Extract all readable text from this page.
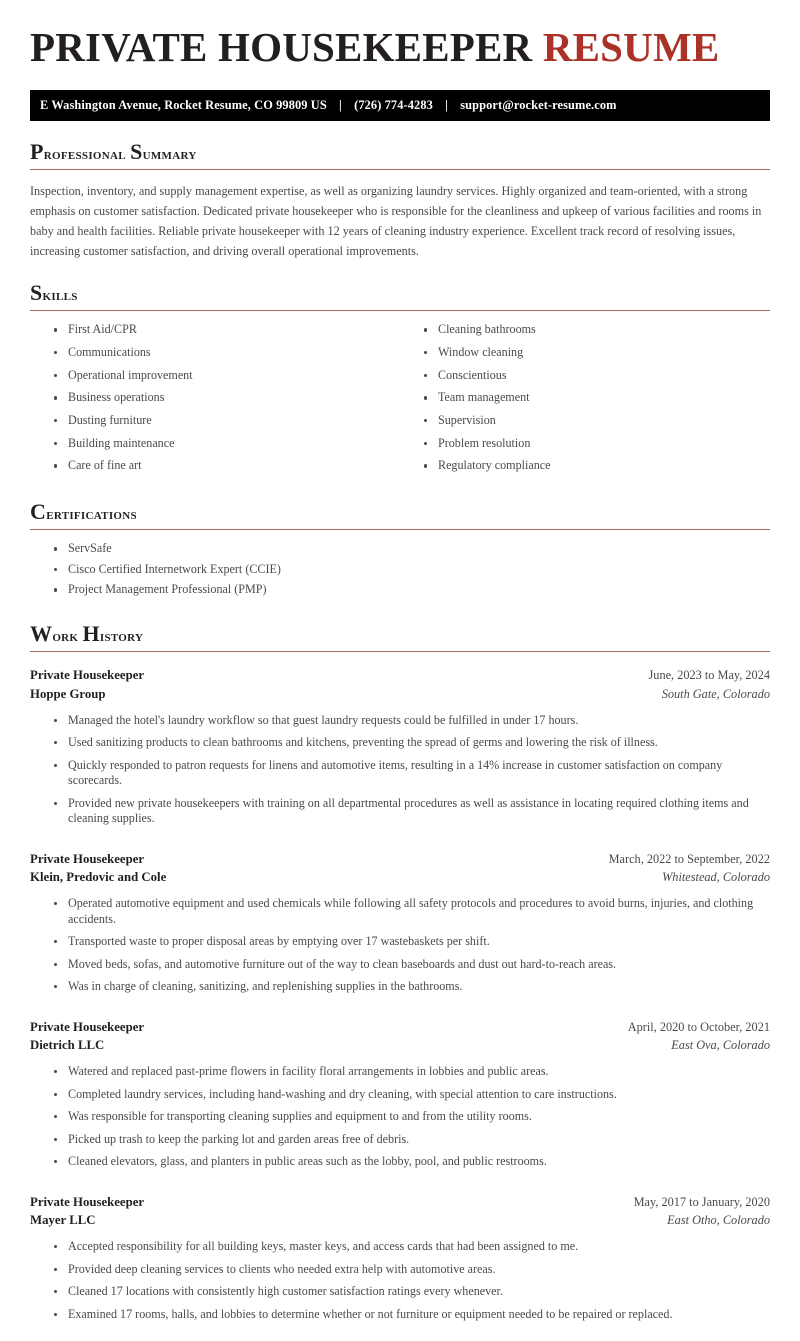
PRIVATE HOUSEKEEPER RESUME
E Washington Avenue, Rocket Resume, CO 99809 US | (726) 774-4283 | support@rocket-resume.com
Professional Summary

Inspection, inventory, and supply management expertise, as well as organizing laundry services. Highly organized and team-oriented, with a strong emphasis on customer satisfaction. Dedicated private housekeeper who is responsible for the cleanliness and upkeep of various facilities and rooms in baby and health facilities. Reliable private housekeeper with 12 years of cleaning industry experience. Excellent track record of resolving issues, increasing customer satisfaction, and driving overall operational improvements.

Skills
First Aid/CPR
Communications
Operational improvement
Business operations
Dusting furniture
Building maintenance
Care of fine art
Cleaning bathrooms
Window cleaning
Conscientious
Team management
Supervision
Problem resolution
Regulatory compliance
Certifications
ServSafe
Cisco Certified Internetwork Expert (CCIE)
Project Management Professional (PMP)
Work History
Private Housekeeper	June, 2023 to May, 2024
Hoppe Group	South Gate, Colorado
Managed the hotel's laundry workflow so that guest laundry requests could be fulfilled in under 17 hours.
Used sanitizing products to clean bathrooms and kitchens, preventing the spread of germs and lowering the risk of illness.
Quickly responded to patron requests for linens and automotive items, resulting in a 14% increase in customer satisfaction on company scorecards.
Provided new private housekeepers with training on all departmental procedures as well as assistance in locating required clothing items and cleaning supplies.
Private Housekeeper	March, 2022 to September, 2022
Klein, Predovic and Cole	Whitestead, Colorado
Operated automotive equipment and used chemicals while following all safety protocols and procedures to avoid burns, injuries, and clothing accidents.
Transported waste to proper disposal areas by emptying over 17 wastebaskets per shift.
Moved beds, sofas, and automotive furniture out of the way to clean baseboards and dust out hard-to-reach areas.
Was in charge of cleaning, sanitizing, and replenishing supplies in the bathrooms.
Private Housekeeper	April, 2020 to October, 2021
Dietrich LLC	East Ova, Colorado
Watered and replaced past-prime flowers in facility floral arrangements in lobbies and public areas.
Completed laundry services, including hand-washing and dry cleaning, with special attention to care instructions.
Was responsible for transporting cleaning supplies and equipment to and from the utility rooms.
Picked up trash to keep the parking lot and garden areas free of debris.
Cleaned elevators, glass, and planters in public areas such as the lobby, pool, and public restrooms.
Private Housekeeper	May, 2017 to January, 2020
Mayer LLC	East Otho, Colorado
Accepted responsibility for all building keys, master keys, and access cards that had been assigned to me.
Provided deep cleaning services to clients who needed extra help with automotive areas.
Cleaned 17 locations with consistently high customer satisfaction ratings every whenever.
Examined 17 rooms, halls, and lobbies to determine whether or not furniture or equipment needed to be repaired or replaced.
